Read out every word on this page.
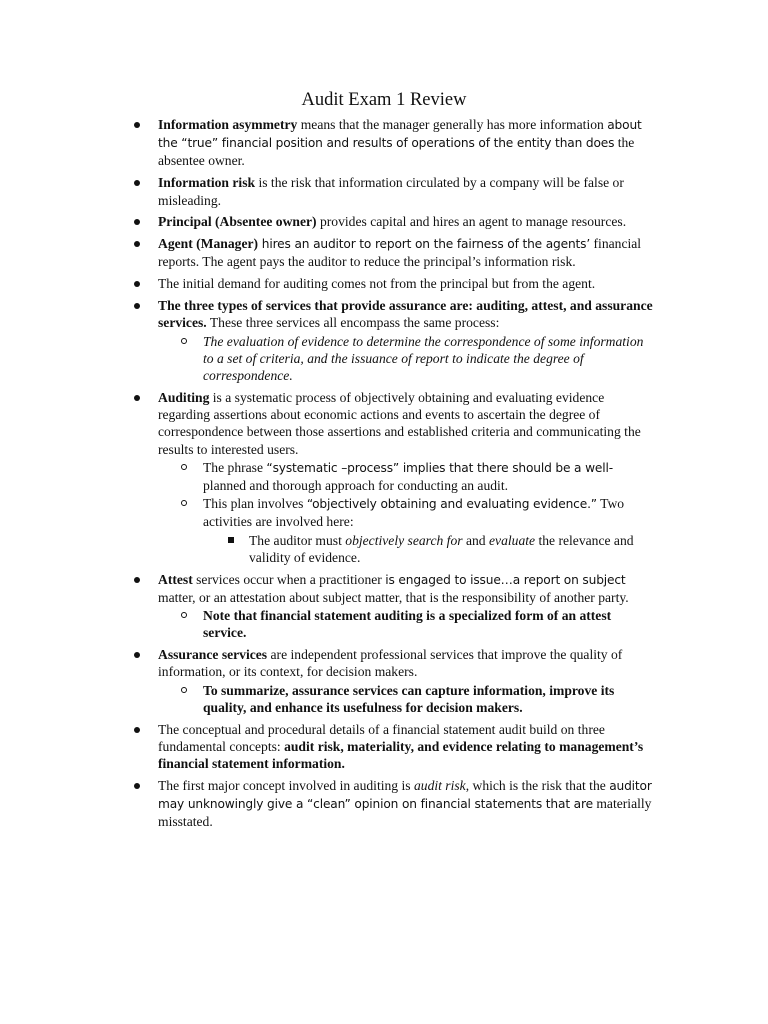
Audit Exam 1 Review
Information asymmetry means that the manager generally has more information about the “true” financial position and results of operations of the entity than does the absentee owner.
Information risk is the risk that information circulated by a company will be false or misleading.
Principal (Absentee owner) provides capital and hires an agent to manage resources.
Agent (Manager) hires an auditor to report on the fairness of the agents’ financial reports. The agent pays the auditor to reduce the principal’s information risk.
The initial demand for auditing comes not from the principal but from the agent.
The three types of services that provide assurance are: auditing, attest, and assurance services. These three services all encompass the same process:
The evaluation of evidence to determine the correspondence of some information to a set of criteria, and the issuance of report to indicate the degree of correspondence.
Auditing is a systematic process of objectively obtaining and evaluating evidence regarding assertions about economic actions and events to ascertain the degree of correspondence between those assertions and established criteria and communicating the results to interested users.
The phrase “systematic –process” implies that there should be a well- planned and thorough approach for conducting an audit.
This plan involves “objectively obtaining and evaluating evidence.” Two activities are involved here:
The auditor must objectively search for and evaluate the relevance and validity of evidence.
Attest services occur when a practitioner is engaged to issue…a report on subject matter, or an attestation about subject matter, that is the responsibility of another party.
Note that financial statement auditing is a specialized form of an attest service.
Assurance services are independent professional services that improve the quality of information, or its context, for decision makers.
To summarize, assurance services can capture information, improve its quality, and enhance its usefulness for decision makers.
The conceptual and procedural details of a financial statement audit build on three fundamental concepts: audit risk, materiality, and evidence relating to management’s financial statement information.
The first major concept involved in auditing is audit risk, which is the risk that the auditor may unknowingly give a “clean” opinion on financial statements that are materially misstated.
